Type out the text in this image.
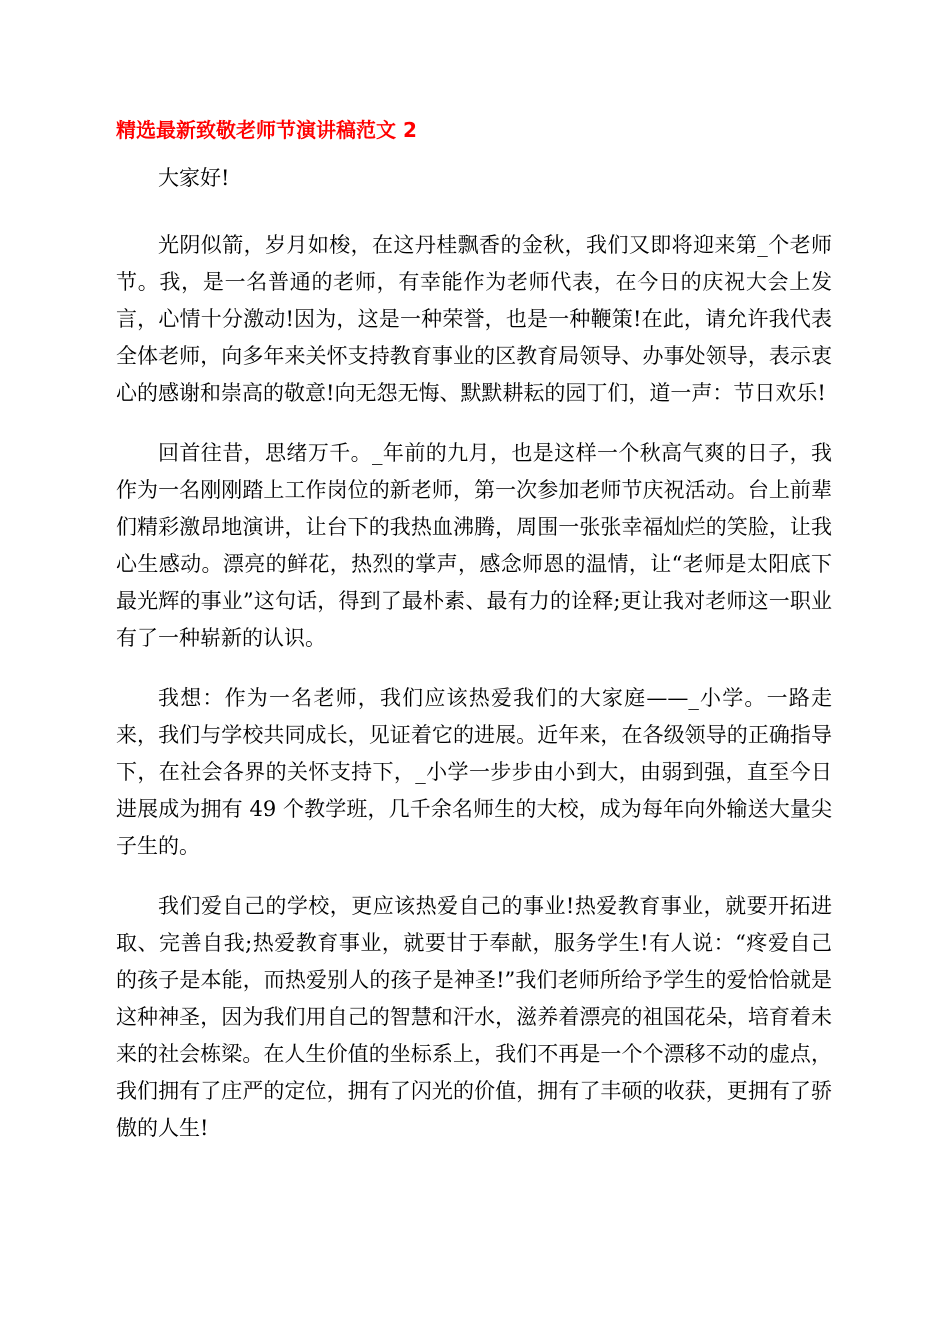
精选最新致敬老师节演讲稿范文 2

大家好!

光阴似箭，岁月如梭，在这丹桂飘香的金秋，我们又即将迎来第_个老师节。我，是一名普通的老师，有幸能作为老师代表，在今日的庆祝大会上发言，心情十分激动!因为，这是一种荣誉，也是一种鞭策!在此，请允许我代表全体老师，向多年来关怀支持教育事业的区教育局领导、办事处领导，表示衷心的感谢和崇高的敬意!向无怨无悔、默默耕耘的园丁们，道一声：节日欢乐!

回首往昔，思绪万千。_年前的九月，也是这样一个秋高气爽的日子，我作为一名刚刚踏上工作岗位的新老师，第一次参加老师节庆祝活动。台上前辈们精彩激昂地演讲，让台下的我热血沸腾，周围一张张幸福灿烂的笑脸，让我心生感动。漂亮的鲜花，热烈的掌声，感念师恩的温情，让“老师是太阳底下最光辉的事业”这句话，得到了最朴素、最有力的诠释;更让我对老师这一职业有了一种崭新的认识。

我想：作为一名老师，我们应该热爱我们的大家庭——_小学。一路走来，我们与学校共同成长，见证着它的进展。近年来，在各级领导的正确指导下，在社会各界的关怀支持下，_小学一步步由小到大，由弱到强，直至今日进展成为拥有 49 个教学班，几千余名师生的大校，成为每年向外输送大量尖子生的。

我们爱自己的学校，更应该热爱自己的事业!热爱教育事业，就要开拓进取、完善自我;热爱教育事业，就要甘于奉献，服务学生!有人说：“疼爱自己的孩子是本能，而热爱别人的孩子是神圣!”我们老师所给予学生的爱恰恰就是这种神圣，因为我们用自己的智慧和汗水，滋养着漂亮的祖国花朵，培育着未来的社会栋梁。在人生价值的坐标系上，我们不再是一个个漂移不动的虚点，我们拥有了庄严的定位，拥有了闪光的价值，拥有了丰硕的收获，更拥有了骄傲的人生!
